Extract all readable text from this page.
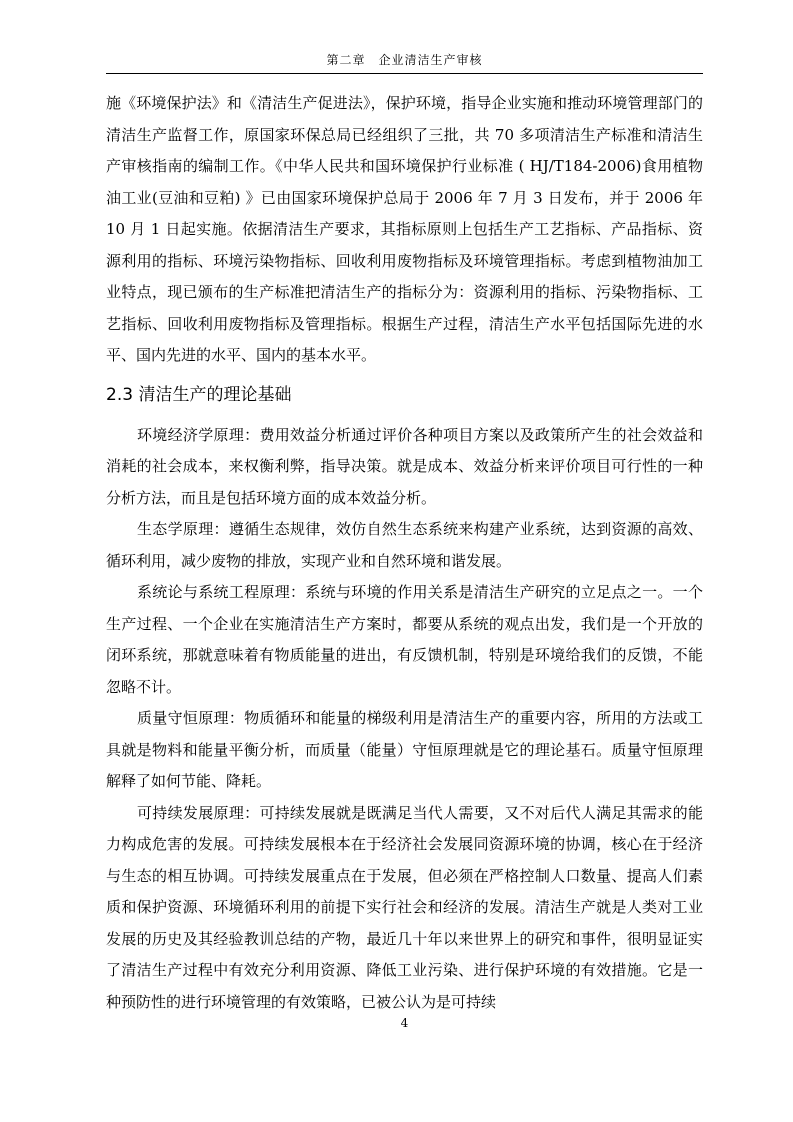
第二章　企业清洁生产审核

施《环境保护法》和《清洁生产促进法》，保护环境，指导企业实施和推动环境管理部门的清洁生产监督工作，原国家环保总局已经组织了三批，共 70 多项清洁生产标准和清洁生产审核指南的编制工作。《中华人民共和国环境保护行业标准 ( HJ/T184-2006)食用植物油工业(豆油和豆粕) 》已由国家环境保护总局于 2006 年 7 月 3 日发布，并于 2006 年 10 月 1 日起实施。依据清洁生产要求，其指标原则上包括生产工艺指标、产品指标、资源利用的指标、环境污染物指标、回收利用废物指标及环境管理指标。考虑到植物油加工业特点，现已颁布的生产标准把清洁生产的指标分为：资源利用的指标、污染物指标、工艺指标、回收利用废物指标及管理指标。根据生产过程，清洁生产水平包括国际先进的水平、国内先进的水平、国内的基本水平。

2.3 清洁生产的理论基础

环境经济学原理：费用效益分析通过评价各种项目方案以及政策所产生的社会效益和消耗的社会成本，来权衡利弊，指导决策。就是成本、效益分析来评价项目可行性的一种分析方法，而且是包括环境方面的成本效益分析。

生态学原理：遵循生态规律，效仿自然生态系统来构建产业系统，达到资源的高效、循环利用，减少废物的排放，实现产业和自然环境和谐发展。

系统论与系统工程原理：系统与环境的作用关系是清洁生产研究的立足点之一。一个生产过程、一个企业在实施清洁生产方案时，都要从系统的观点出发，我们是一个开放的闭环系统，那就意味着有物质能量的进出，有反馈机制，特别是环境给我们的反馈，不能忽略不计。

质量守恒原理：物质循环和能量的梯级利用是清洁生产的重要内容，所用的方法或工具就是物料和能量平衡分析，而质量（能量）守恒原理就是它的理论基石。质量守恒原理解释了如何节能、降耗。

可持续发展原理：可持续发展就是既满足当代人需要，又不对后代人满足其需求的能力构成危害的发展。可持续发展根本在于经济社会发展同资源环境的协调，核心在于经济与生态的相互协调。可持续发展重点在于发展，但必须在严格控制人口数量、提高人们素质和保护资源、环境循环利用的前提下实行社会和经济的发展。清洁生产就是人类对工业发展的历史及其经验教训总结的产物，最近几十年以来世界上的研究和事件，很明显证实了清洁生产过程中有效充分利用资源、降低工业污染、进行保护环境的有效措施。它是一种预防性的进行环境管理的有效策略，已被公认为是可持续

4
